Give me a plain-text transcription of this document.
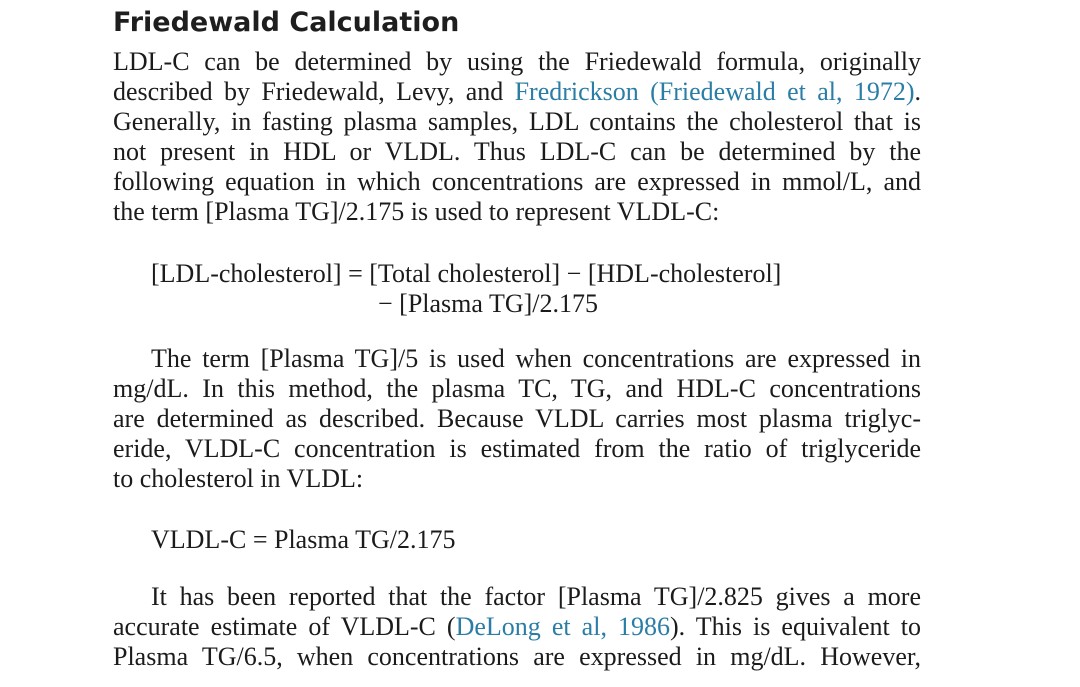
Friedewald Calculation
LDL-C can be determined by using the Friedewald formula, originally
described by Friedewald, Levy, and Fredrickson (Friedewald et al, 1972).
Generally, in fasting plasma samples, LDL contains the cholesterol that is
not present in HDL or VLDL. Thus LDL-C can be determined by the
following equation in which concentrations are expressed in mmol/L, and
the term [Plasma TG]/2.175 is used to represent VLDL-C:
[LDL-cholesterol] = [Total cholesterol] − [HDL-cholesterol]
− [Plasma TG]/2.175
The term [Plasma TG]/5 is used when concentrations are expressed in
mg/dL. In this method, the plasma TC, TG, and HDL-C concentrations
are determined as described. Because VLDL carries most plasma triglyc-
eride, VLDL-C concentration is estimated from the ratio of triglyceride
to cholesterol in VLDL:
VLDL-C = Plasma TG/2.175
It has been reported that the factor [Plasma TG]/2.825 gives a more
accurate estimate of VLDL-C (DeLong et al, 1986). This is equivalent to
Plasma TG/6.5, when concentrations are expressed in mg/dL. However,
